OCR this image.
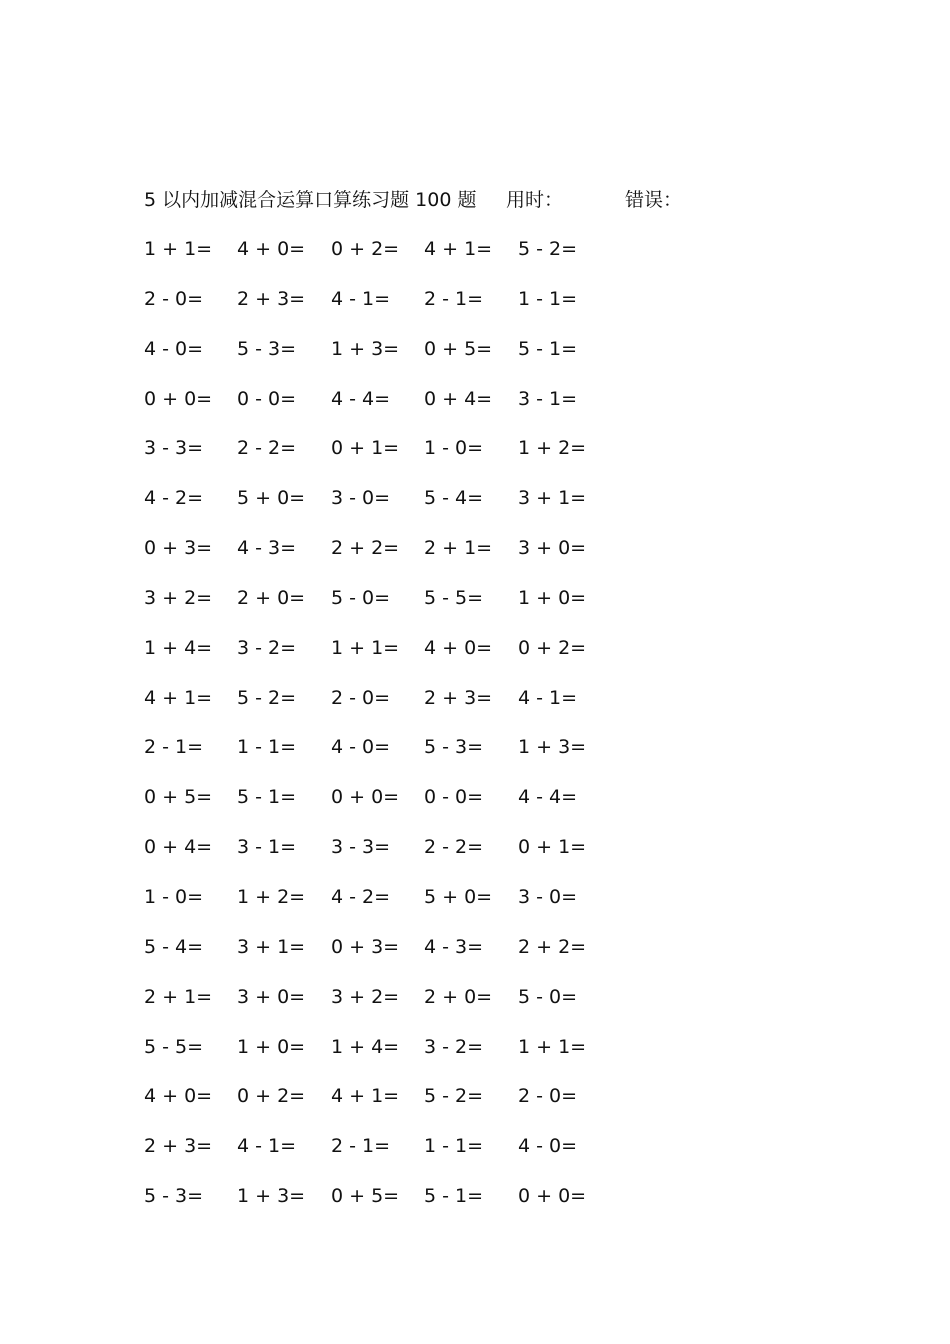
5 以内加减混合运算口算练习题 100 题 用时：	错误：
1 + 1= 4 + 0= 0 + 2= 4 + 1= 5 - 2=
2 - 0= 2 + 3= 4 - 1= 2 - 1= 1 - 1=
4 - 0= 5 - 3= 1 + 3= 0 + 5= 5 - 1=
0 + 0= 0 - 0= 4 - 4= 0 + 4= 3 - 1=
3 - 3= 2 - 2= 0 + 1= 1 - 0= 1 + 2=
4 - 2= 5 + 0= 3 - 0= 5 - 4= 3 + 1=
0 + 3= 4 - 3= 2 + 2= 2 + 1= 3 + 0=
3 + 2= 2 + 0= 5 - 0= 5 - 5= 1 + 0=
1 + 4= 3 - 2= 1 + 1= 4 + 0= 0 + 2=
4 + 1= 5 - 2= 2 - 0= 2 + 3= 4 - 1=
2 - 1= 1 - 1= 4 - 0= 5 - 3= 1 + 3=
0 + 5= 5 - 1= 0 + 0= 0 - 0= 4 - 4=
0 + 4= 3 - 1= 3 - 3= 2 - 2= 0 + 1=
1 - 0= 1 + 2= 4 - 2= 5 + 0= 3 - 0=
5 - 4= 3 + 1= 0 + 3= 4 - 3= 2 + 2=
2 + 1= 3 + 0= 3 + 2= 2 + 0= 5 - 0=
5 - 5= 1 + 0= 1 + 4= 3 - 2= 1 + 1=
4 + 0= 0 + 2= 4 + 1= 5 - 2= 2 - 0=
2 + 3= 4 - 1= 2 - 1= 1 - 1= 4 - 0=
5 - 3= 1 + 3= 0 + 5= 5 - 1= 0 + 0=
